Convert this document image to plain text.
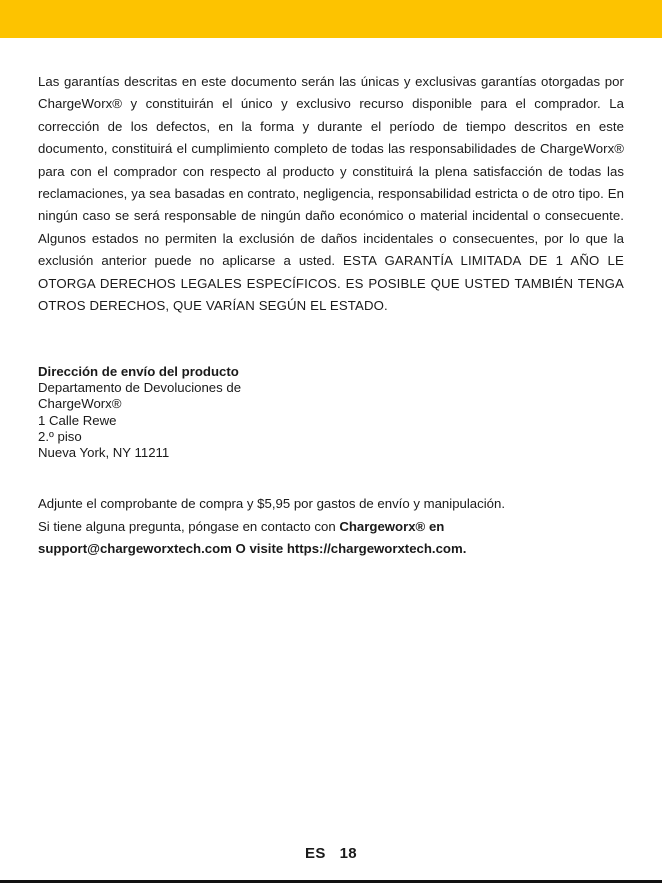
Las garantías descritas en este documento serán las únicas y exclusivas garantías otorgadas por ChargeWorx® y constituirán el único y exclusivo recurso disponible para el comprador. La corrección de los defectos, en la forma y durante el período de tiempo descritos en este documento, constituirá el cumplimiento completo de todas las responsabilidades de ChargeWorx® para con el comprador con respecto al producto y constituirá la plena satisfacción de todas las reclamaciones, ya sea basadas en contrato, negligencia, responsabilidad estricta o de otro tipo. En ningún caso se será responsable de ningún daño económico o material incidental o consecuente. Algunos estados no permiten la exclusión de daños incidentales o consecuentes, por lo que la exclusión anterior puede no aplicarse a usted. ESTA GARANTÍA LIMITADA DE 1 AÑO LE OTORGA DERECHOS LEGALES ESPECÍFICOS. ES POSIBLE QUE USTED TAMBIÉN TENGA OTROS DERECHOS, QUE VARÍAN SEGÚN EL ESTADO.

Dirección de envío del producto
Departamento de Devoluciones de
ChargeWorx®
1 Calle Rewe
2.º piso
Nueva York, NY 11211
Adjunte el comprobante de compra y $5,95 por gastos de envío y manipulación.
Si tiene alguna pregunta, póngase en contacto con Chargeworx® en
support@chargeworxtech.com O visite https://chargeworxtech.com.
ES 18
